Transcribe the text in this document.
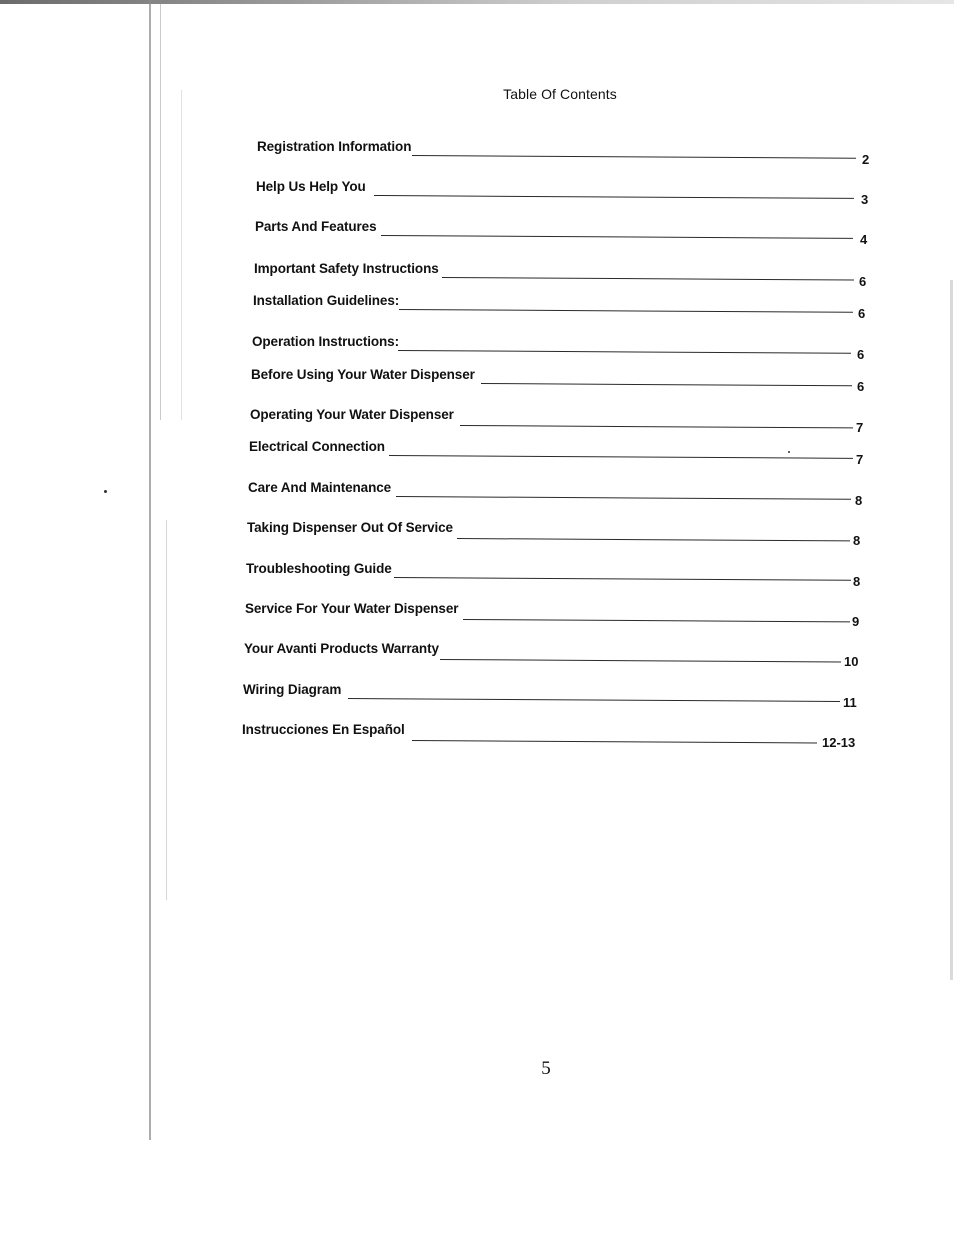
Table Of Contents
Registration Information
2
Help Us Help You
3
Parts And Features
4
Important Safety Instructions
6
Installation Guidelines:
6
Operation Instructions:
6
Before Using Your Water Dispenser
6
Operating Your Water Dispenser
7
Electrical Connection
7
Care And Maintenance
8
Taking Dispenser Out Of Service
8
Troubleshooting Guide
8
Service For Your Water Dispenser
9
Your Avanti Products Warranty
10
Wiring Diagram
11
Instrucciones En Español
12-13
5
